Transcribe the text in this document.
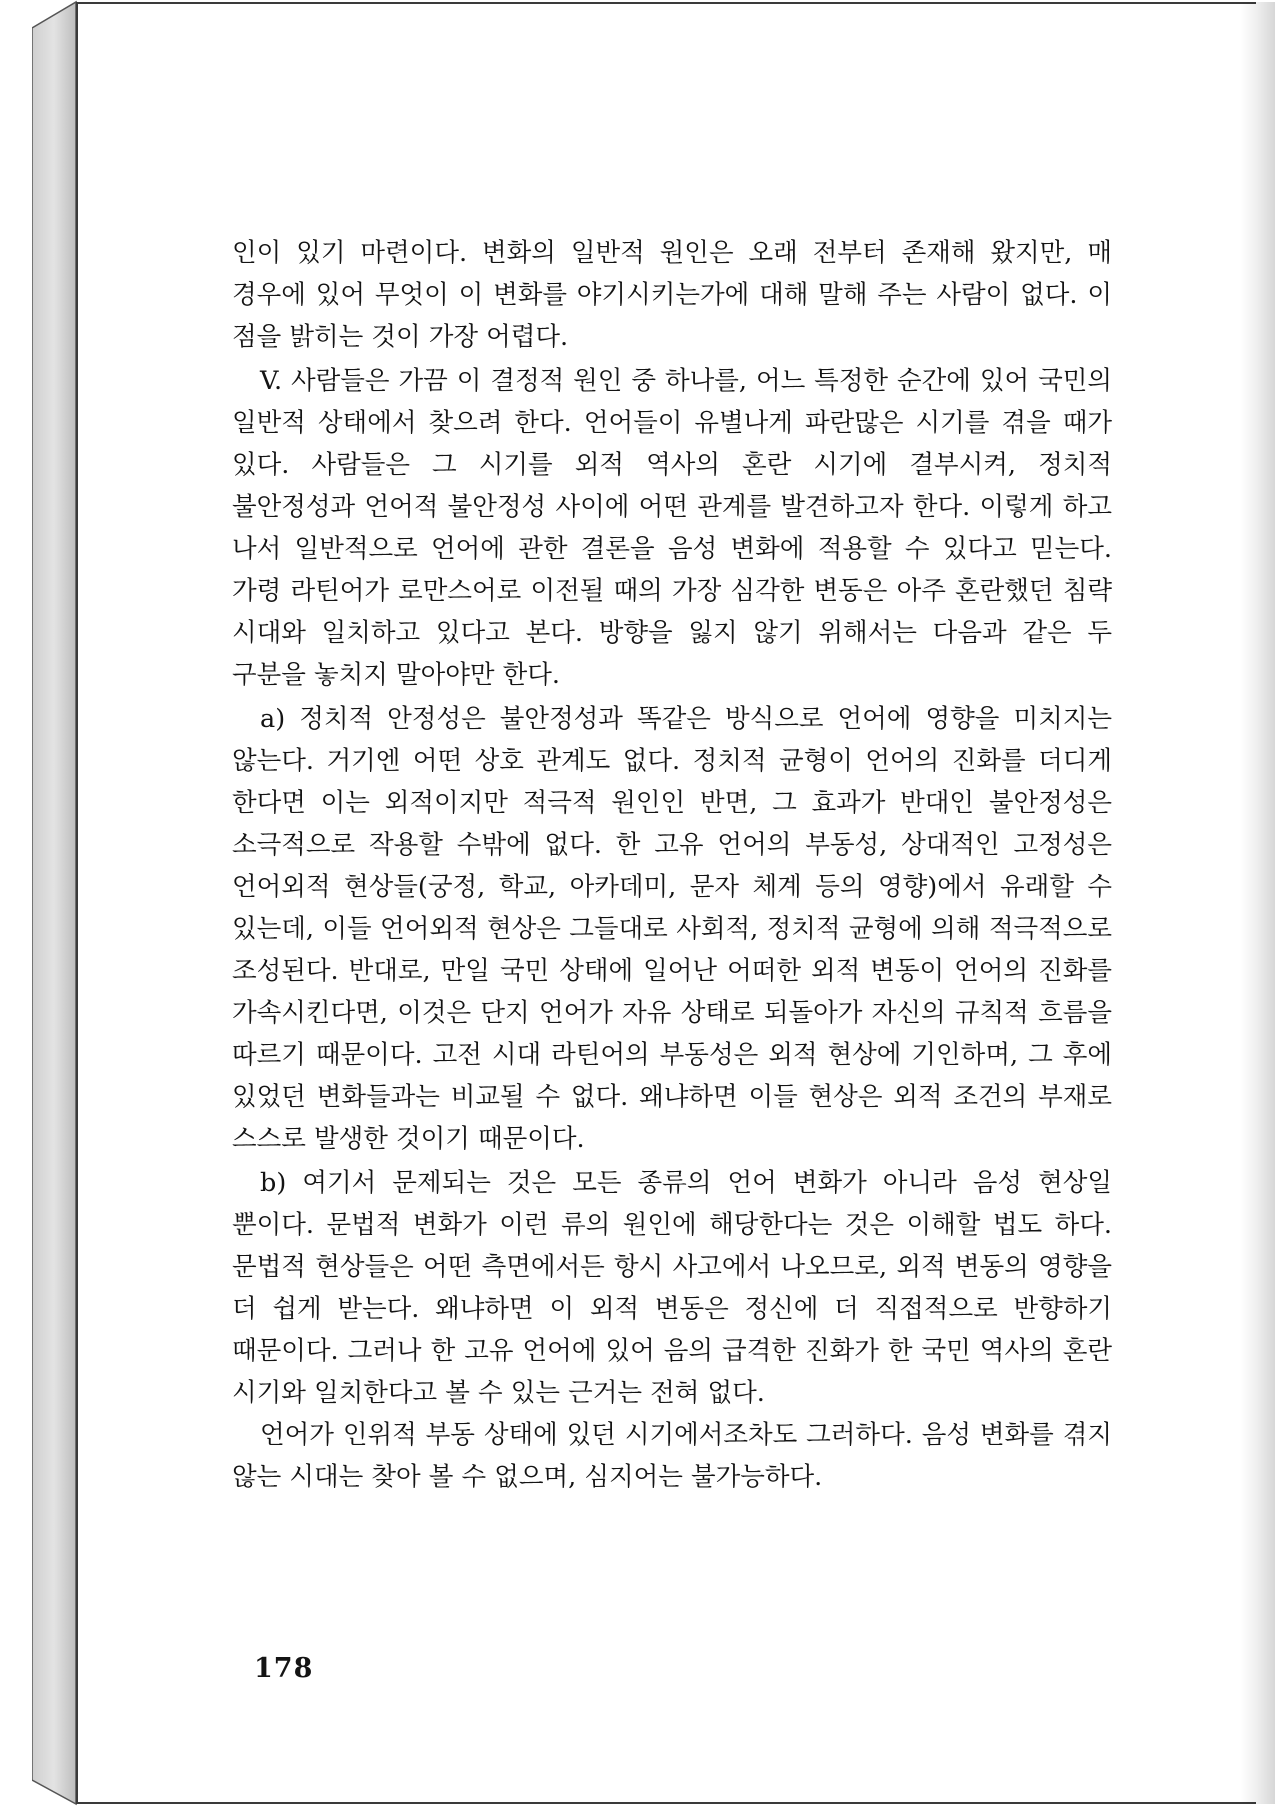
인이 있기 마련이다. 변화의 일반적 원인은 오래 전부터 존재해 왔지만, 매 경우에 있어 무엇이 이 변화를 야기시키는가에 대해 말해 주는 사람이 없다. 이 점을 밝히는 것이 가장 어렵다.

V. 사람들은 가끔 이 결정적 원인 중 하나를, 어느 특정한 순간에 있어 국민의 일반적 상태에서 찾으려 한다. 언어들이 유별나게 파란많은 시기를 겪을 때가 있다. 사람들은 그 시기를 외적 역사의 혼란 시기에 결부시켜, 정치적 불안정성과 언어적 불안정성 사이에 어떤 관계를 발견하고자 한다. 이렇게 하고 나서 일반적으로 언어에 관한 결론을 음성 변화에 적용할 수 있다고 믿는다. 가령 라틴어가 로만스어로 이전될 때의 가장 심각한 변동은 아주 혼란했던 침략 시대와 일치하고 있다고 본다. 방향을 잃지 않기 위해서는 다음과 같은 두 구분을 놓치지 말아야만 한다.

a) 정치적 안정성은 불안정성과 똑같은 방식으로 언어에 영향을 미치지는 않는다. 거기엔 어떤 상호 관계도 없다. 정치적 균형이 언어의 진화를 더디게 한다면 이는 외적이지만 적극적 원인인 반면, 그 효과가 반대인 불안정성은 소극적으로 작용할 수밖에 없다. 한 고유 언어의 부동성, 상대적인 고정성은 언어외적 현상들(궁정, 학교, 아카데미, 문자 체계 등의 영향)에서 유래할 수 있는데, 이들 언어외적 현상은 그들대로 사회적, 정치적 균형에 의해 적극적으로 조성된다. 반대로, 만일 국민 상태에 일어난 어떠한 외적 변동이 언어의 진화를 가속시킨다면, 이것은 단지 언어가 자유 상태로 되돌아가 자신의 규칙적 흐름을 따르기 때문이다. 고전 시대 라틴어의 부동성은 외적 현상에 기인하며, 그 후에 있었던 변화들과는 비교될 수 없다. 왜냐하면 이들 현상은 외적 조건의 부재로 스스로 발생한 것이기 때문이다.

b) 여기서 문제되는 것은 모든 종류의 언어 변화가 아니라 음성 현상일 뿐이다. 문법적 변화가 이런 류의 원인에 해당한다는 것은 이해할 법도 하다. 문법적 현상들은 어떤 측면에서든 항시 사고에서 나오므로, 외적 변동의 영향을 더 쉽게 받는다. 왜냐하면 이 외적 변동은 정신에 더 직접적으로 반향하기 때문이다. 그러나 한 고유 언어에 있어 음의 급격한 진화가 한 국민 역사의 혼란 시기와 일치한다고 볼 수 있는 근거는 전혀 없다.

언어가 인위적 부동 상태에 있던 시기에서조차도 그러하다. 음성 변화를 겪지 않는 시대는 찾아 볼 수 없으며, 심지어는 불가능하다.

178
